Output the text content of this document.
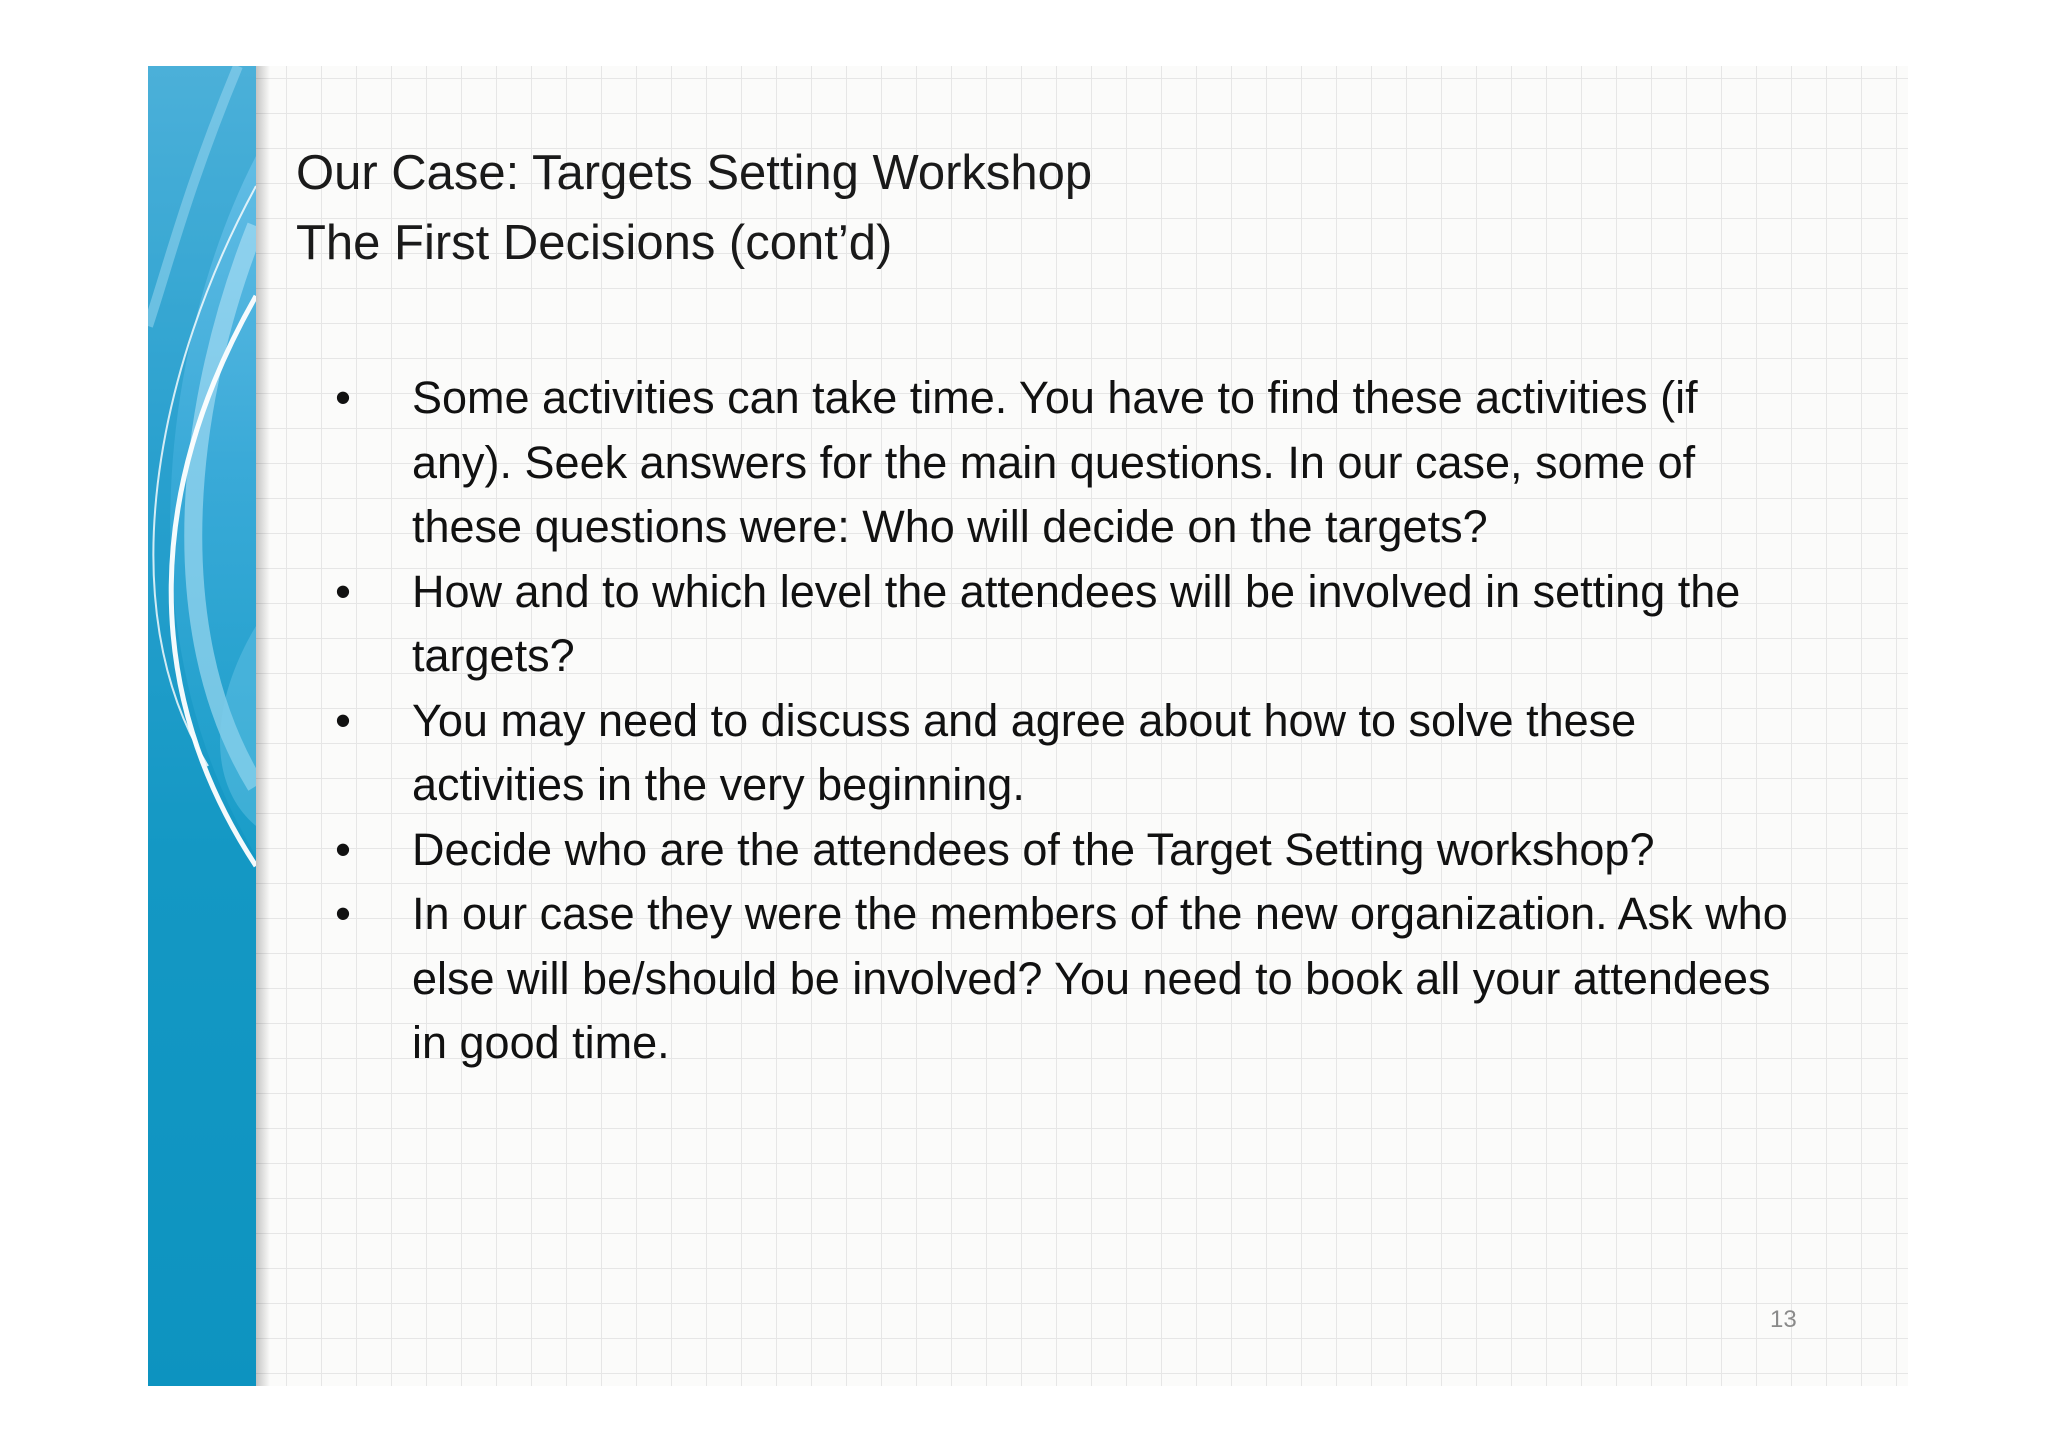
Our Case: Targets Setting Workshop
The First Decisions (cont’d)
• Some activities can take time. You have to find these activities (if any). Seek answers for the main questions. In our case, some of these questions were: Who will decide on the targets?
• How and to which level the attendees will be involved in setting the targets?
• You may need to discuss and agree about how to solve these activities in the very beginning.
• Decide who are the attendees of the Target Setting workshop?
• In our case they were the members of the new organization. Ask who else will be/should be involved? You need to book all your attendees in good time.
13
